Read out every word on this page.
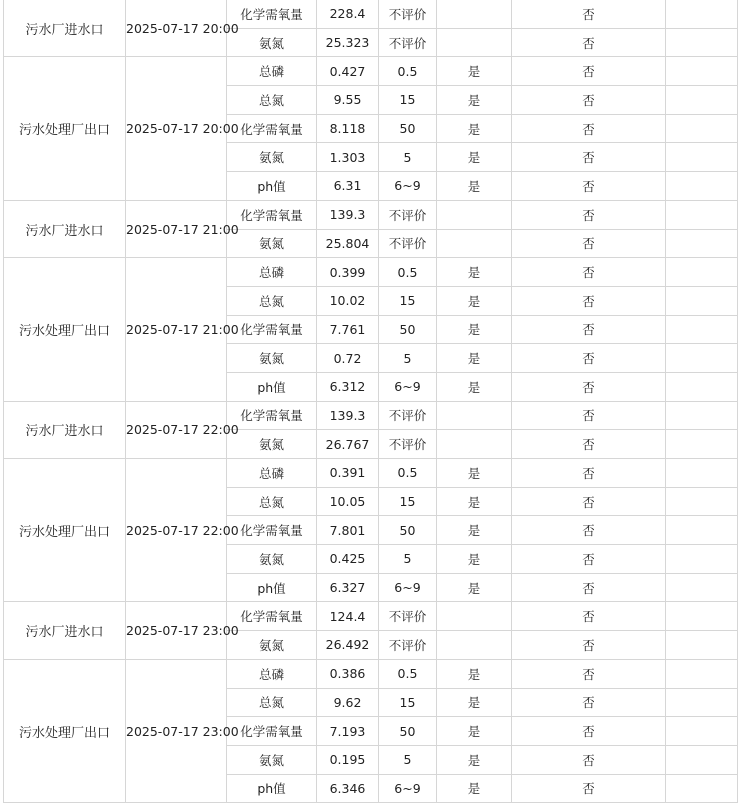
污水厂进水口	2025-07-17 20:00	化学需氧量	228.4	不评价		否	
		氨氮	25.323	不评价		否	
污水处理厂出口	2025-07-17 20:00	总磷	0.427	0.5	是	否	
		总氮	9.55	15	是	否	
		化学需氧量	8.118	50	是	否	
		氨氮	1.303	5	是	否	
		ph值	6.31	6~9	是	否	
污水厂进水口	2025-07-17 21:00	化学需氧量	139.3	不评价		否	
		氨氮	25.804	不评价		否	
污水处理厂出口	2025-07-17 21:00	总磷	0.399	0.5	是	否	
		总氮	10.02	15	是	否	
		化学需氧量	7.761	50	是	否	
		氨氮	0.72	5	是	否	
		ph值	6.312	6~9	是	否	
污水厂进水口	2025-07-17 22:00	化学需氧量	139.3	不评价		否	
		氨氮	26.767	不评价		否	
污水处理厂出口	2025-07-17 22:00	总磷	0.391	0.5	是	否	
		总氮	10.05	15	是	否	
		化学需氧量	7.801	50	是	否	
		氨氮	0.425	5	是	否	
		ph值	6.327	6~9	是	否	
污水厂进水口	2025-07-17 23:00	化学需氧量	124.4	不评价		否	
		氨氮	26.492	不评价		否	
污水处理厂出口	2025-07-17 23:00	总磷	0.386	0.5	是	否	
		总氮	9.62	15	是	否	
		化学需氧量	7.193	50	是	否	
		氨氮	0.195	5	是	否	
		ph值	6.346	6~9	是	否	
